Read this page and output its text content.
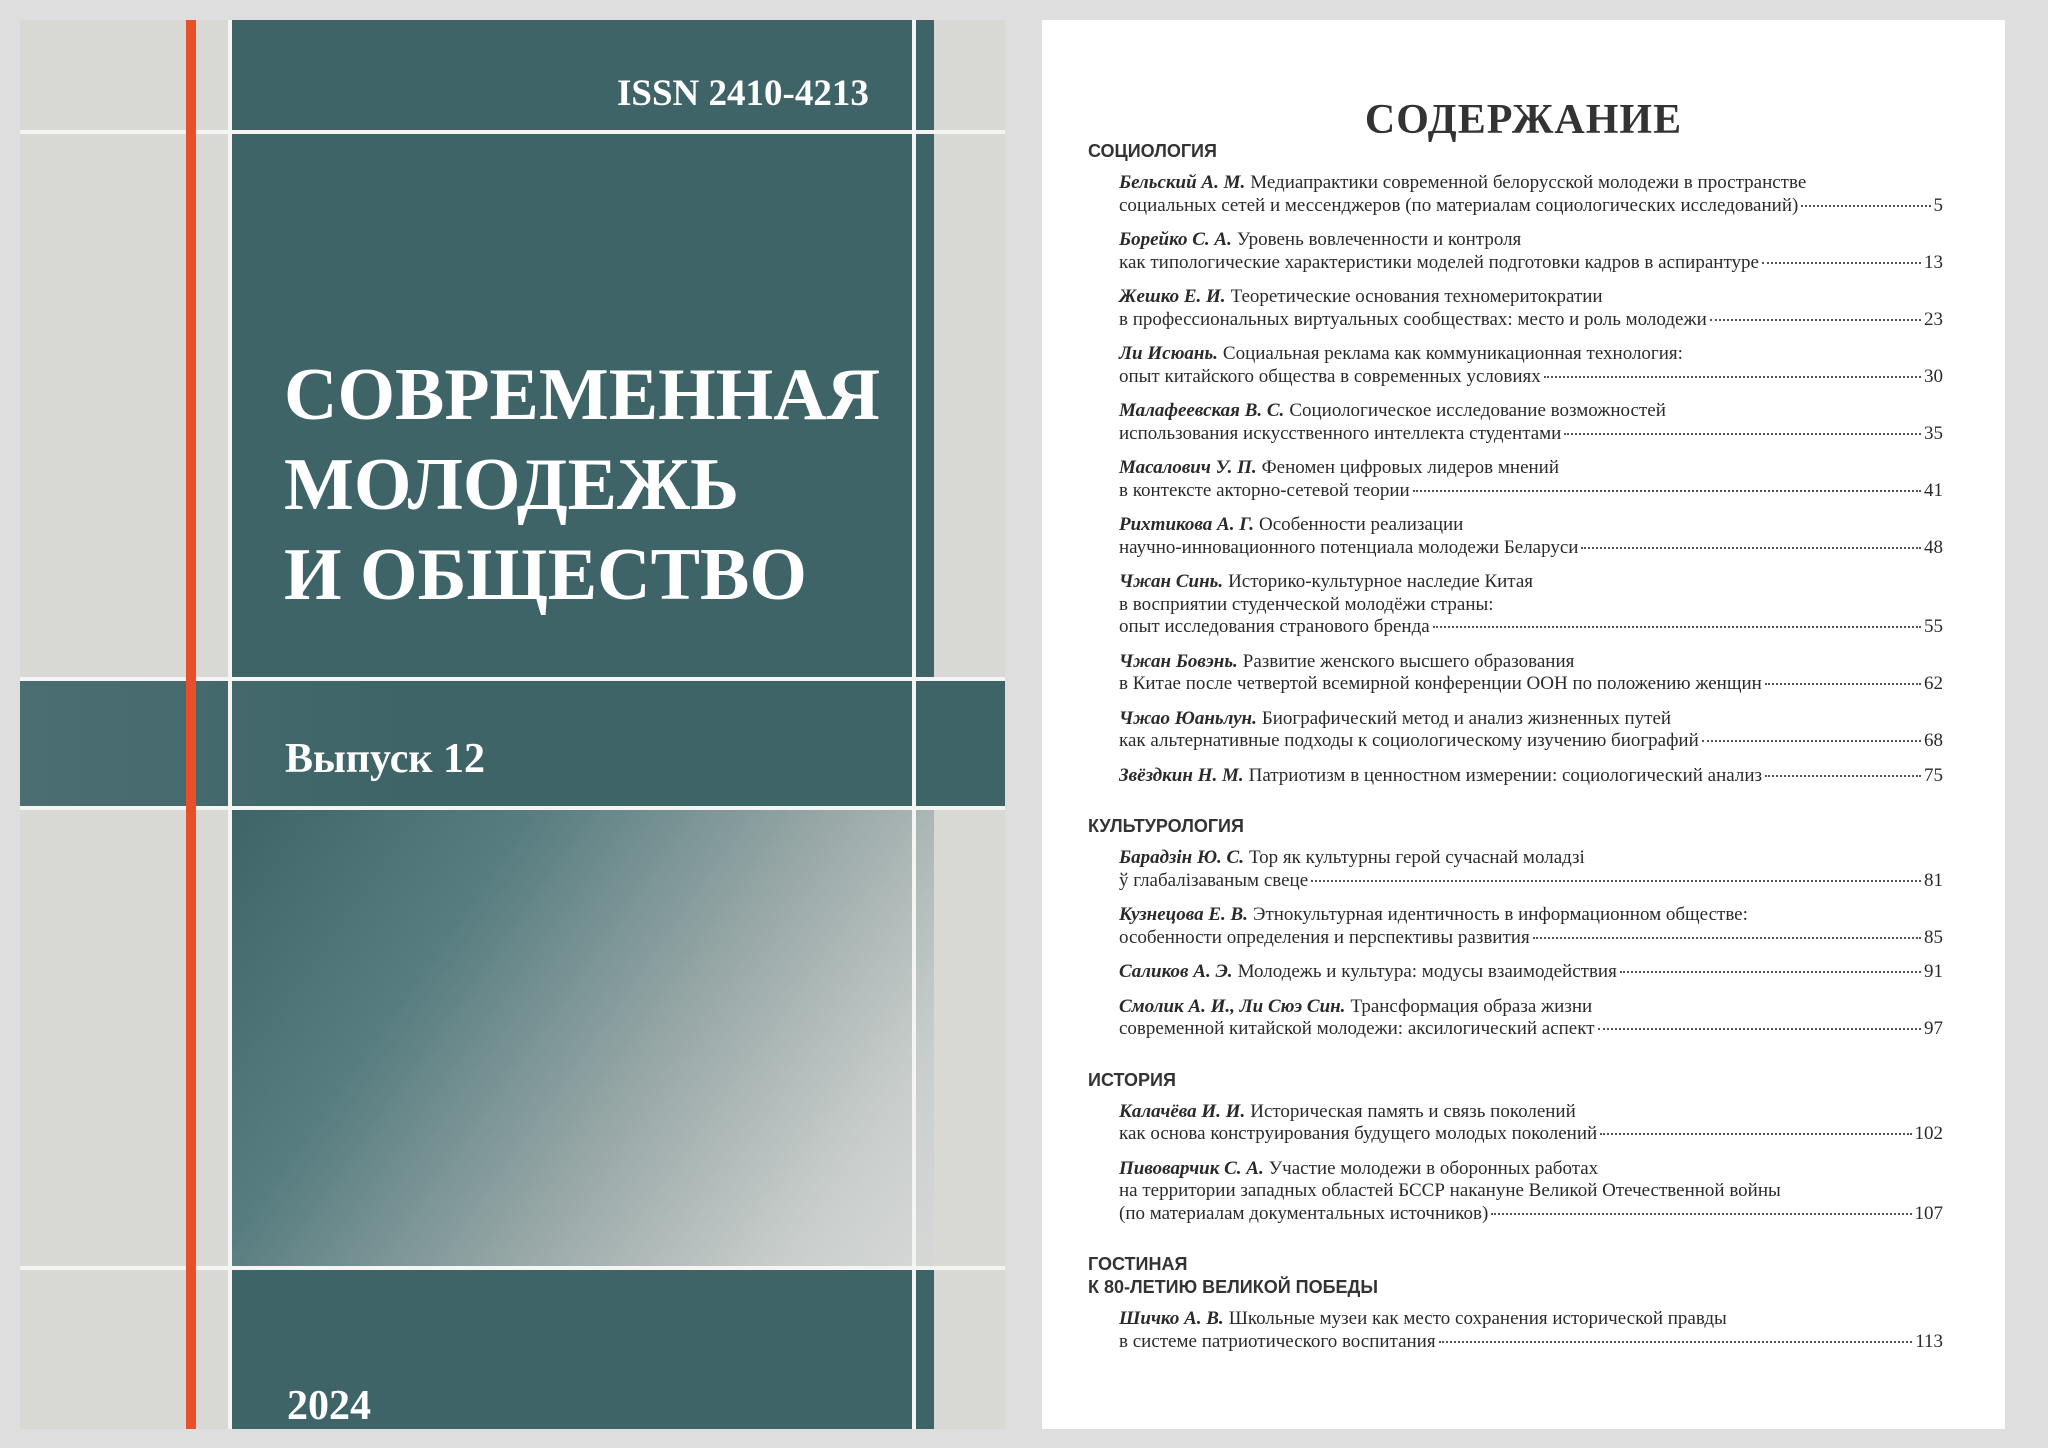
ISSN 2410-4213
СОВРЕМЕННАЯ
МОЛОДЕЖЬ
И ОБЩЕСТВО
Выпуск 12
2024
СОДЕРЖАНИЕ
СОЦИОЛОГИЯ
Бельский А. М. Медиапрактики современной белорусской молодежи в пространстве
социальных сетей и мессенджеров (по материалам социологических исследований)	5
Борейко С. А. Уровень вовлеченности и контроля
как типологические характеристики моделей подготовки кадров в аспирантуре	13
Жешко Е. И. Теоретические основания техномеритократии
в профессиональных виртуальных сообществах: место и роль молодежи	23
Ли Исюань. Социальная реклама как коммуникационная технология:
опыт китайского общества в современных условиях	30
Малафеевская В. С. Социологическое исследование возможностей
использования искусственного интеллекта студентами	35
Масалович У. П. Феномен цифровых лидеров мнений
в контексте акторно-сетевой теории	41
Рихтикова А. Г. Особенности реализации
научно-инновационного потенциала молодежи Беларуси	48
Чжан Синь. Историко-культурное наследие Китая
в восприятии студенческой молодёжи страны:
опыт исследования странового бренда	55
Чжан Бовэнь. Развитие женского высшего образования
в Китае после четвертой всемирной конференции ООН по положению женщин	62
Чжао Юаньлун. Биографический метод и анализ жизненных путей
как альтернативные подходы к социологическому изучению биографий	68
Звёздкин Н. М. Патриотизм в ценностном измерении: социологический анализ	75
КУЛЬТУРОЛОГИЯ
Барадзін Ю. С. Тор як культурны герой сучаснай моладзі
ў глабалізаваным свеце	81
Кузнецова Е. В. Этнокультурная идентичность в информационном обществе:
особенности определения и перспективы развития	85
Саликов А. Э. Молодежь и культура: модусы взаимодействия	91
Смолик А. И., Ли Сюэ Син. Трансформация образа жизни
современной китайской молодежи: аксилогический аспект	97
ИСТОРИЯ
Калачёва И. И. Историческая память и связь поколений
как основа конструирования будущего молодых поколений	102
Пивоварчик С. А. Участие молодежи в оборонных работах
на территории западных областей БССР накануне Великой Отечественной войны
(по материалам документальных источников)	107
ГОСТИНАЯ
К 80-ЛЕТИЮ ВЕЛИКОЙ ПОБЕДЫ
Шичко А. В. Школьные музеи как место сохранения исторической правды
в системе патриотического воспитания	113
